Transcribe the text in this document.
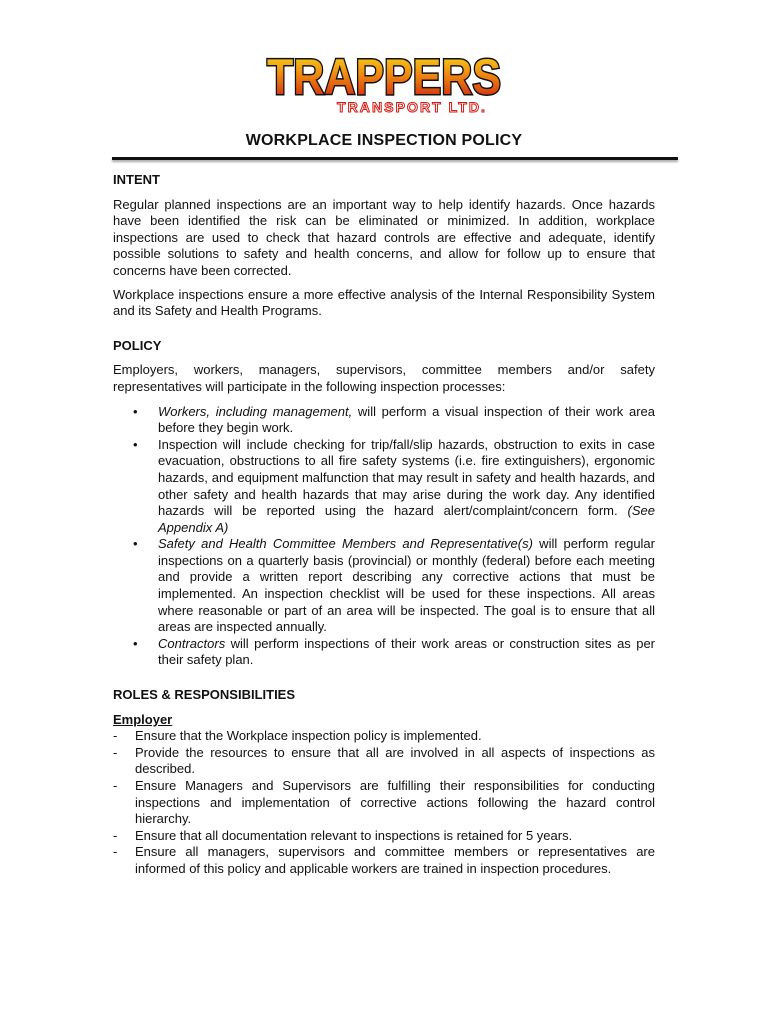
TRAPPERS
TRANSPORT LTD.
WORKPLACE INSPECTION POLICY

INTENT

Regular planned inspections are an important way to help identify hazards. Once hazards have been identified the risk can be eliminated or minimized. In addition, workplace inspections are used to check that hazard controls are effective and adequate, identify possible solutions to safety and health concerns, and allow for follow up to ensure that concerns have been corrected.

Workplace inspections ensure a more effective analysis of the Internal Responsibility System and its Safety and Health Programs.

POLICY

Employers, workers, managers, supervisors, committee members and/or safety representatives will participate in the following inspection processes:

• Workers, including management, will perform a visual inspection of their work area before they begin work.
• Inspection will include checking for trip/fall/slip hazards, obstruction to exits in case evacuation, obstructions to all fire safety systems (i.e. fire extinguishers), ergonomic hazards, and equipment malfunction that may result in safety and health hazards, and other safety and health hazards that may arise during the work day. Any identified hazards will be reported using the hazard alert/complaint/concern form. (See Appendix A)
• Safety and Health Committee Members and Representative(s) will perform regular inspections on a quarterly basis (provincial) or monthly (federal) before each meeting and provide a written report describing any corrective actions that must be implemented. An inspection checklist will be used for these inspections. All areas where reasonable or part of an area will be inspected. The goal is to ensure that all areas are inspected annually.
• Contractors will perform inspections of their work areas or construction sites as per their safety plan.

ROLES & RESPONSIBILITIES

Employer

- Ensure that the Workplace inspection policy is implemented.
- Provide the resources to ensure that all are involved in all aspects of inspections as described.
- Ensure Managers and Supervisors are fulfilling their responsibilities for conducting inspections and implementation of corrective actions following the hazard control hierarchy.
- Ensure that all documentation relevant to inspections is retained for 5 years.
- Ensure all managers, supervisors and committee members or representatives are informed of this policy and applicable workers are trained in inspection procedures.
